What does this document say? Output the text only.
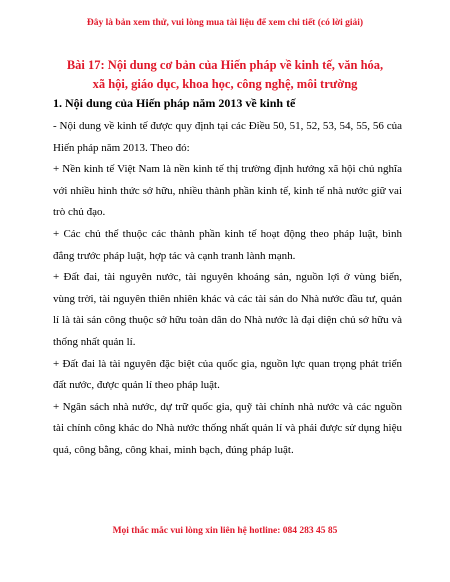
Đây là bản xem thử, vui lòng mua tài liệu để xem chi tiết (có lời giải)
Bài 17: Nội dung cơ bản của Hiến pháp về kinh tế, văn hóa,
xã hội, giáo dục, khoa học, công nghệ, môi trường
1. Nội dung của Hiến pháp năm 2013 về kinh tế

- Nội dung về kinh tế được quy định tại các Điều 50, 51, 52, 53, 54, 55, 56 của Hiến pháp năm 2013. Theo đó:

+ Nền kinh tế Việt Nam là nền kinh tế thị trường định hướng xã hội chủ nghĩa với nhiều hình thức sở hữu, nhiều thành phần kinh tế, kinh tế nhà nước giữ vai trò chủ đạo.

+ Các chủ thể thuộc các thành phần kinh tế hoạt động theo pháp luật, bình đẳng trước pháp luật, hợp tác và cạnh tranh lành mạnh.

+ Đất đai, tài nguyên nước, tài nguyên khoáng sản, nguồn lợi ở vùng biển, vùng trời, tài nguyên thiên nhiên khác và các tài sản do Nhà nước đầu tư, quản lí là tài sản công thuộc sở hữu toàn dân do Nhà nước là đại diện chủ sở hữu và thống nhất quản lí.

+ Đất đai là tài nguyên đặc biệt của quốc gia, nguồn lực quan trọng phát triển đất nước, được quản lí theo pháp luật.

+ Ngân sách nhà nước, dự trữ quốc gia, quỹ tài chính nhà nước và các nguồn tài chính công khác do Nhà nước thống nhất quản lí và phải được sử dụng hiệu quả, công bằng, công khai, minh bạch, đúng pháp luật.

Mọi thắc mắc vui lòng xin liên hệ hotline: 084 283 45 85
